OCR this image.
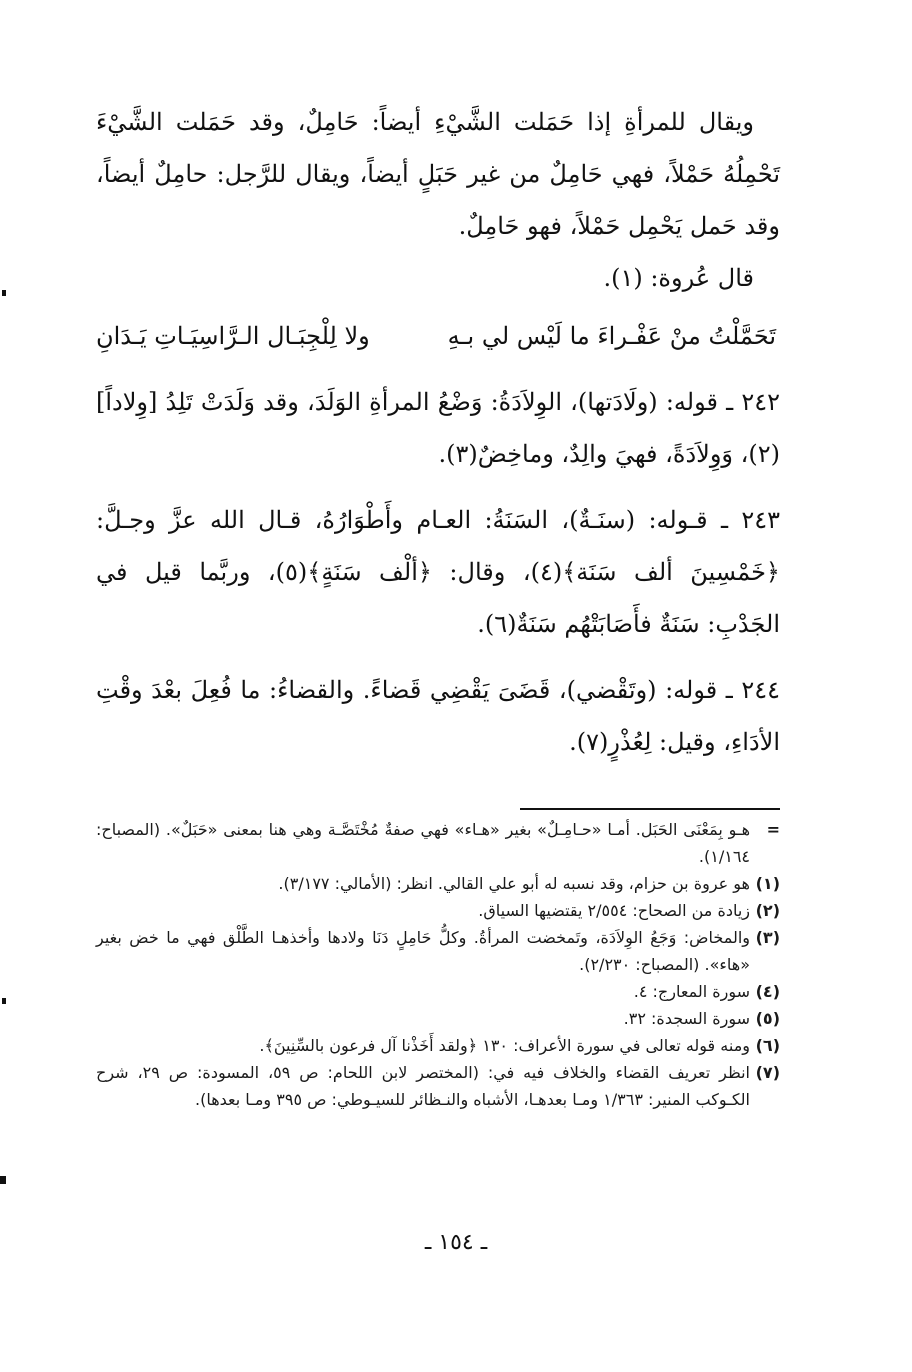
ويقال للمرأةِ إذا حَمَلت الشَّيْءِ أيضاً: حَامِلٌ، وقد حَمَلت الشَّيْءَ تَحْمِلُهُ حَمْلاً، فهي حَامِلٌ من غير حَبَلٍ أيضاً، ويقال للرَّجل: حامِلٌ أيضاً، وقد حَمل يَحْمِل حَمْلاً، فهو حَامِلٌ.

قال عُروة: (١).

تَحَمَّلْتُ منْ عَفْـراءَ ما لَيْس لي بـهِ
ولا لِلْجِبَـال الـرَّاسِيَـاتِ يَـدَانِ

٢٤٢ ـ قوله: (ولَادَتها)، الوِلاَدَةُ: وَضْعُ المرأةِ الوَلَدَ، وقد وَلَدَتْ تَلِدُ [وِلاداً](٢)، وَوِلاَدَةً، فهيَ والِدٌ، وماخِضٌ(٣).

٢٤٣ ـ قـوله: (سنَـةٌ)، السَنَةُ: العـام وأَطْوَارُهُ، قـال الله عزَّ وجـلَّ: ﴿خَمْسِينَ ألف سَنَة﴾(٤)، وقال: ﴿ألْف سَنَةٍ﴾(٥)، وربَّما قيل في الجَدْبِ: سَنَةٌ فأَصَابَتْهُم سَنَةٌ(٦).

٢٤٤ ـ قوله: (وتَقْضي)، قَضَىَ يَقْضِي قَضاءً. والقضاءُ: ما فُعِلَ بعْدَ وقْتِ الأدَاءِ، وقيل: لِعُذْرٍ(٧).

=
هـو بِمَعْنَى الحَبَل. أمـا «حـامِـلٌ» بغير «هـاء» فهي صفةٌ مُخْتَصَّـة وهي هنا بمعنى «حَبَلٌ». (المصباح: ١/١٦٤).
(١)
هو عروة بن حزام، وقد نسبه له أبو علي القالي. انظر: (الأمالي: ٣/١٧٧).
(٢)
زيادة من الصحاح: ٢/٥٥٤ يقتضيها السياق.
(٣)
والمخاض: وَجَعُ الوِلاَدَة، وتَمخضت المرأةُ. وكلُّ حَامِلٍ دَنَا ولادها وأخذهـا الطَّلْق فهي ما خض بغير «هاء». (المصباح: ٢/٢٣٠).
(٤)
سورة المعارج: ٤.
(٥)
سورة السجدة: ٣٢.
(٦)
ومنه قوله تعالى في سورة الأعراف: ١٣٠ ﴿ولقد أَخَذْنا آل فرعون بالسِّنِينَ﴾.
(٧)
انظر تعريف القضاء والخلاف فيه في: (المختصر لابن اللحام: ص ٥٩، المسودة: ص ٢٩، شرح الكـوكب المنير: ١/٣٦٣ ومـا بعدهـا، الأشباه والنـظائر للسيـوطي: ص ٣٩٥ ومـا بعدها).
ـ ١٥٤ ـ
